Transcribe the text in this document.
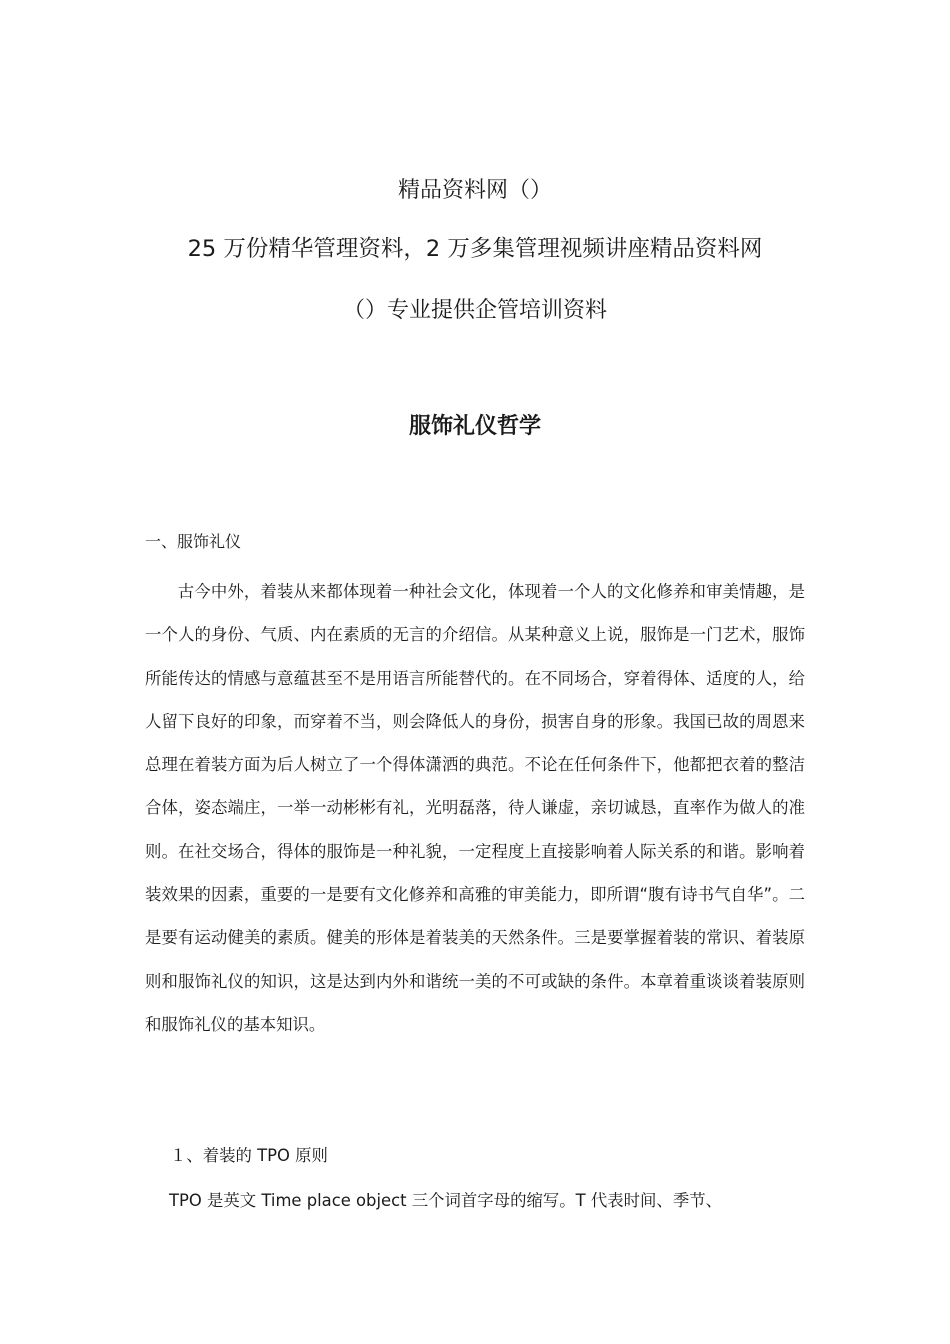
精品资料网（）
25 万份精华管理资料，2 万多集管理视频讲座精品资料网
（）专业提供企管培训资料
服饰礼仪哲学
一、服饰礼仪

古今中外，着装从来都体现着一种社会文化，体现着一个人的文化修养和审美情趣，是一个人的身份、气质、内在素质的无言的介绍信。从某种意义上说，服饰是一门艺术，服饰所能传达的情感与意蕴甚至不是用语言所能替代的。在不同场合，穿着得体、适度的人，给人留下良好的印象，而穿着不当，则会降低人的身份，损害自身的形象。我国已故的周恩来总理在着装方面为后人树立了一个得体潇洒的典范。不论在任何条件下，他都把衣着的整洁合体，姿态端庄，一举一动彬彬有礼，光明磊落，待人谦虚，亲切诚恳，直率作为做人的准则。在社交场合，得体的服饰是一种礼貌，一定程度上直接影响着人际关系的和谐。影响着装效果的因素，重要的一是要有文化修养和高雅的审美能力，即所谓“腹有诗书气自华”。二是要有运动健美的素质。健美的形体是着装美的天然条件。三是要掌握着装的常识、着装原则和服饰礼仪的知识，这是达到内外和谐统一美的不可或缺的条件。本章着重谈谈着装原则和服饰礼仪的基本知识。

１、着装的 TPO 原则
TPO 是英文 Time place object 三个词首字母的缩写。T 代表时间、季节、
